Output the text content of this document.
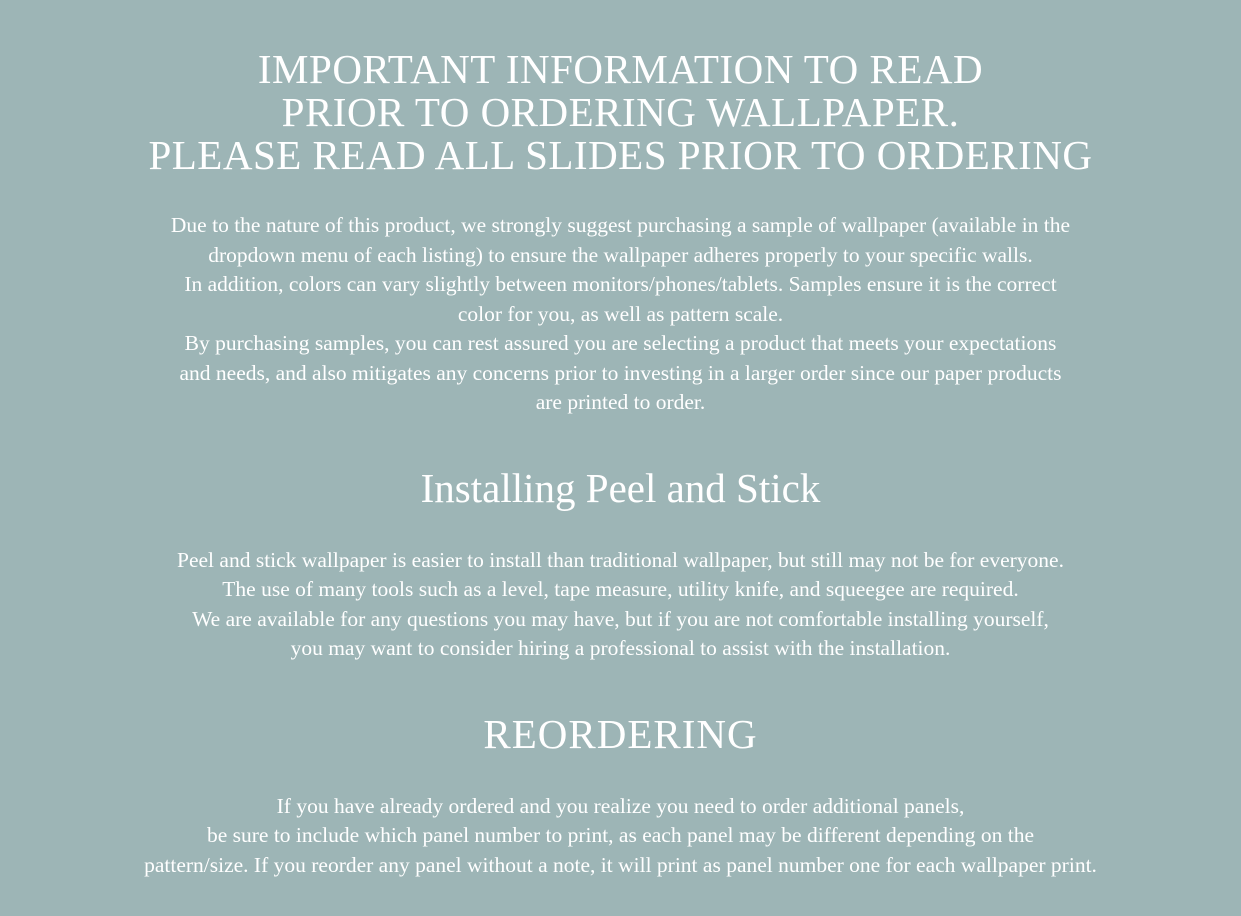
IMPORTANT INFORMATION TO READ
PRIOR TO ORDERING WALLPAPER.
PLEASE READ ALL SLIDES PRIOR TO ORDERING
Due to the nature of this product, we strongly suggest purchasing a sample of wallpaper (available in the
dropdown menu of each listing) to ensure the wallpaper adheres properly to your specific walls.
In addition, colors can vary slightly between monitors/phones/tablets. Samples ensure it is the correct
color for you, as well as pattern scale.
By purchasing samples, you can rest assured you are selecting a product that meets your expectations
and needs, and also mitigates any concerns prior to investing in a larger order since our paper products
are printed to order.
Installing Peel and Stick
Peel and stick wallpaper is easier to install than traditional wallpaper, but still may not be for everyone.
The use of many tools such as a level, tape measure, utility knife, and squeegee are required.
We are available for any questions you may have, but if you are not comfortable installing yourself,
you may want to consider hiring a professional to assist with the installation.
REORDERING
If you have already ordered and you realize you need to order additional panels,
be sure to include which panel number to print, as each panel may be different depending on the
pattern/size. If you reorder any panel without a note, it will print as panel number one for each wallpaper print.
